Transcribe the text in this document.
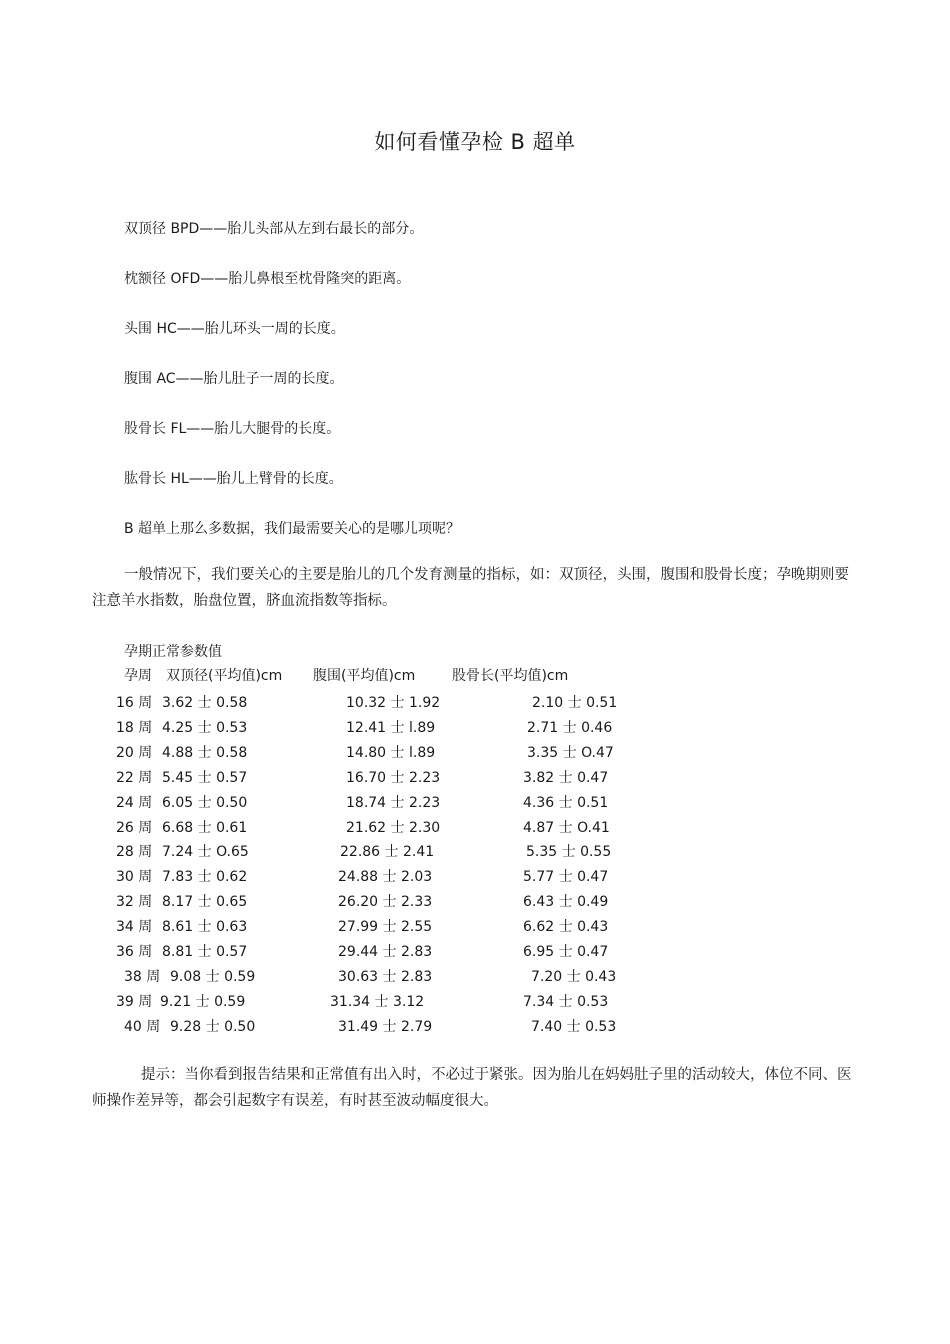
如何看懂孕检 B 超单
双顶径 BPD——胎儿头部从左到右最长的部分。
枕额径 OFD——胎儿鼻根至枕骨隆突的距离。
头围 HC——胎儿环头一周的长度。
腹围 AC——胎儿肚子一周的长度。
股骨长 FL——胎儿大腿骨的长度。
肱骨长 HL——胎儿上臂骨的长度。
B 超单上那么多数据，我们最需要关心的是哪儿项呢？
一般情况下，我们要关心的主要是胎儿的几个发育测量的指标，如：双顶径，头围，腹围和股骨长度；孕晚期则要注意羊水指数，胎盘位置，脐血流指数等指标。
孕期正常参数值
孕周 双顶径(平均值)cm 腹围(平均值)cm	股骨长(平均值)cm
16 周 3.62 士 0.58	10.32 士 1.92	2.10 士 0.51
18 周 4.25 士 0.53	12.41 士 l.89	2.71 士 0.46
20 周 4.88 士 0.58	14.80 士 l.89	3.35 士 O.47
22 周 5.45 士 0.57	16.70 士 2.23	3.82 士 0.47
24 周 6.05 士 0.50	18.74 士 2.23	4.36 士 0.51
26 周 6.68 士 0.61	21.62 士 2.30	4.87 士 O.41
28 周 7.24 士 O.65	22.86 士 2.41	5.35 士 0.55
30 周 7.83 士 0.62	24.88 士 2.03	5.77 士 0.47
32 周 8.17 士 0.65	26.20 士 2.33	6.43 士 0.49
34 周 8.61 士 0.63	27.99 士 2.55	6.62 士 0.43
36 周 8.81 士 0.57	29.44 士 2.83	6.95 士 0.47
38 周 9.08 士 0.59	30.63 士 2.83	7.20 士 0.43
39 周 9.21 士 0.59	31.34 士 3.12	7.34 士 0.53
40 周 9.28 士 0.50	31.49 士 2.79	7.40 士 0.53
提示：当你看到报告结果和正常值有出入时，不必过于紧张。因为胎儿在妈妈肚子里的活动较大，体位不同、医师操作差异等，都会引起数字有误差，有时甚至波动幅度很大。
